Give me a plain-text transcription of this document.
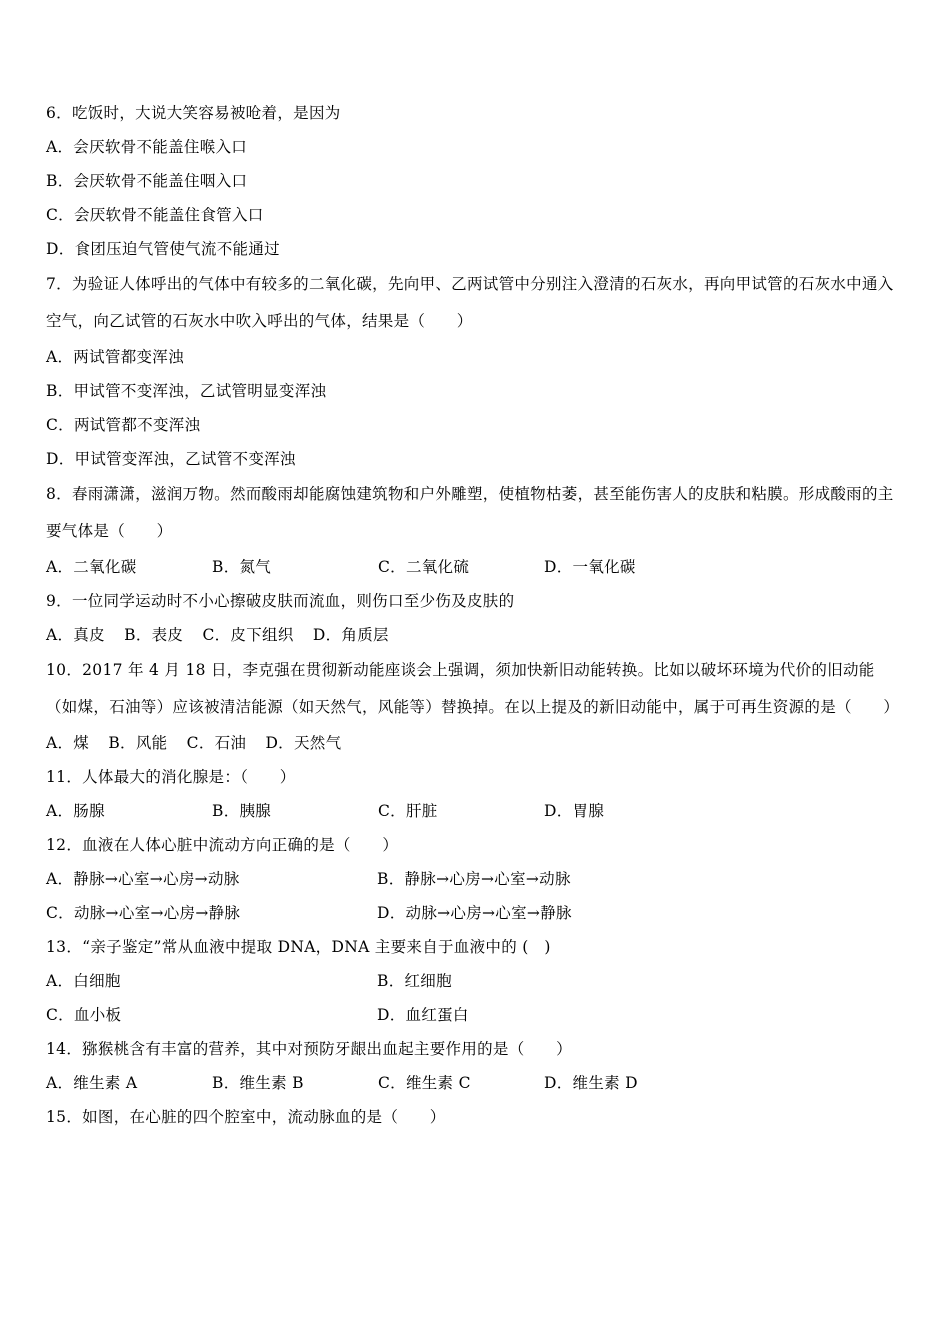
6．吃饭时，大说大笑容易被呛着，是因为
A．会厌软骨不能盖住喉入口
B．会厌软骨不能盖住咽入口
C．会厌软骨不能盖住食管入口
D．食团压迫气管使气流不能通过
7．为验证人体呼出的气体中有较多的二氧化碳，先向甲、乙两试管中分别注入澄清的石灰水，再向甲试管的石灰水中通入空气，向乙试管的石灰水中吹入呼出的气体，结果是（　　）
A．两试管都变浑浊
B．甲试管不变浑浊，乙试管明显变浑浊
C．两试管都不变浑浊
D．甲试管变浑浊，乙试管不变浑浊
8．春雨潇潇，滋润万物。然而酸雨却能腐蚀建筑物和户外雕塑，使植物枯萎，甚至能伤害人的皮肤和粘膜。形成酸雨的主要气体是（　　）
A．二氧化碳	B．氮气	C．二氧化硫	D．一氧化碳
9．一位同学运动时不小心擦破皮肤而流血，则伤口至少伤及皮肤的
A．真皮 B．表皮 C．皮下组织 D．角质层
10．2017 年 4 月 18 日，李克强在贯彻新动能座谈会上强调，须加快新旧动能转换。比如以破坏环境为代价的旧动能（如煤，石油等）应该被清洁能源（如天然气，风能等）替换掉。在以上提及的新旧动能中，属于可再生资源的是（　　）
A．煤 B．风能 C．石油 D．天然气
11．人体最大的消化腺是：（　　）
A．肠腺	B．胰腺	C．肝脏	D．胃腺
12．血液在人体心脏中流动方向正确的是（　　）
A．静脉→心室→心房→动脉	B．静脉→心房→心室→动脉
C．动脉→心室→心房→静脉	D．动脉→心房→心室→静脉
13．“亲子鉴定”常从血液中提取 DNA，DNA 主要来自于血液中的 (　)
A．白细胞	B．红细胞
C．血小板	D．血红蛋白
14．猕猴桃含有丰富的营养，其中对预防牙龈出血起主要作用的是（　　）
A．维生素 A	B．维生素 B	C．维生素 C	D．维生素 D
15．如图，在心脏的四个腔室中，流动脉血的是（　　）
